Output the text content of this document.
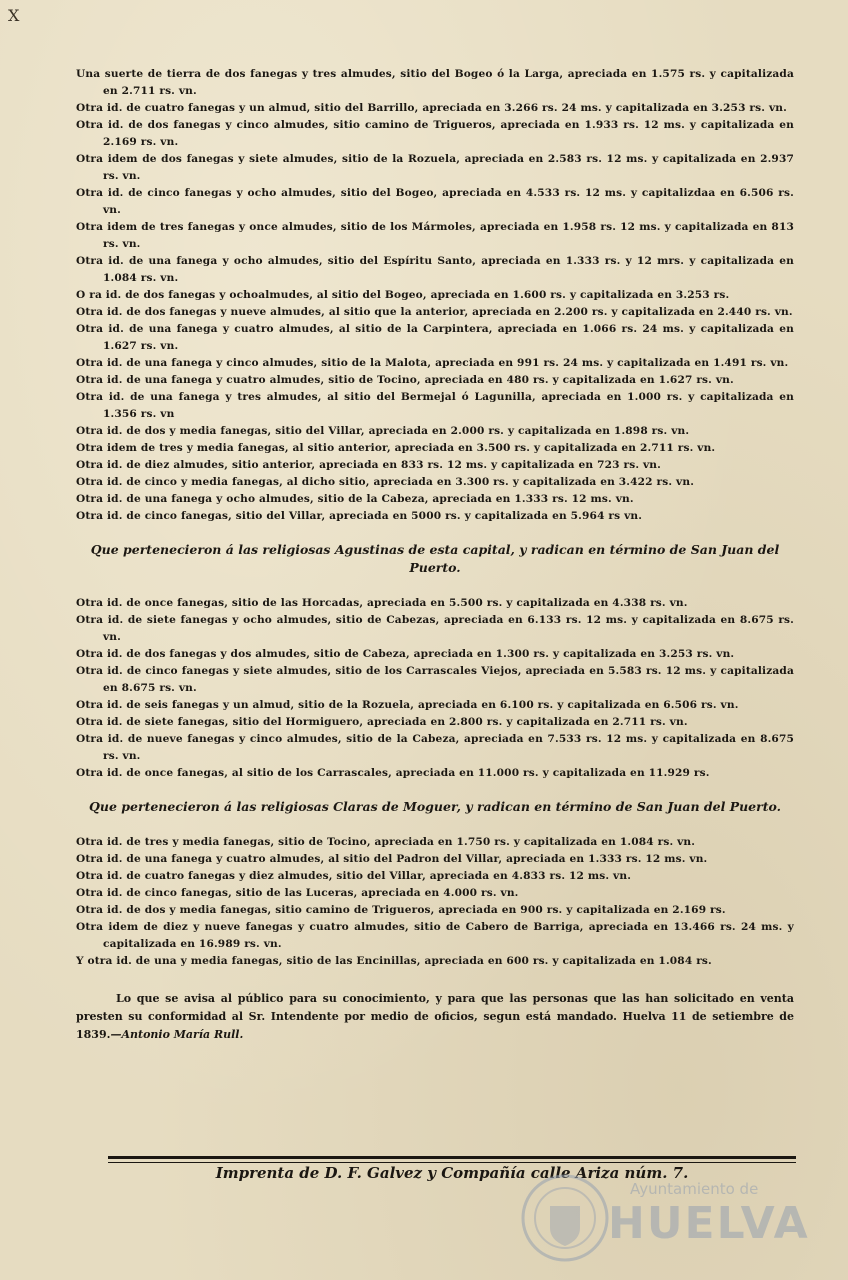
X

Una suerte de tierra de dos fanegas y tres almudes, sitio del Bogeo ó la Larga, apreciada en 1.575 rs. y capitalizada en 2.711 rs. vn.

Otra id. de cuatro fanegas y un almud, sitio del Barrillo, apreciada en 3.266 rs. 24 ms. y capitalizada en 3.253 rs. vn.

Otra id. de dos fanegas y cinco almudes, sitio camino de Trigueros, apreciada en 1.933 rs. 12 ms. y capitalizada en 2.169 rs. vn.

Otra idem de dos fanegas y siete almudes, sitio de la Rozuela, apreciada en 2.583 rs. 12 ms. y capitalizada en 2.937 rs. vn.

Otra id. de cinco fanegas y ocho almudes, sitio del Bogeo, apreciada en 4.533 rs. 12 ms. y capitalizdaa en 6.506 rs. vn.

Otra idem de tres fanegas y once almudes, sitio de los Mármoles, apreciada en 1.958 rs. 12 ms. y capitalizada en 813 rs. vn.

Otra id. de una fanega y ocho almudes, sitio del Espíritu Santo, apreciada en 1.333 rs. y 12 mrs. y capitalizada en 1.084 rs. vn.

O ra id. de dos fanegas y ochoalmudes, al sitio del Bogeo, apreciada en 1.600 rs. y capitalizada en 3.253 rs.

Otra id. de dos fanegas y nueve almudes, al sitio que la anterior, apreciada en 2.200 rs. y capitalizada en 2.440 rs. vn.

Otra id. de una fanega y cuatro almudes, al sitio de la Carpintera, apreciada en 1.066 rs. 24 ms. y capitalizada en 1.627 rs. vn.

Otra id. de una fanega y cinco almudes, sitio de la Malota, apreciada en 991 rs. 24 ms. y capitalizada en 1.491 rs. vn.

Otra id. de una fanega y cuatro almudes, sitio de Tocino, apreciada en 480 rs. y capitalizada en 1.627 rs. vn.

Otra id. de una fanega y tres almudes, al sitio del Bermejal ó Lagunilla, apreciada en 1.000 rs. y capitalizada en 1.356 rs. vn

Otra id. de dos y media fanegas, sitio del Villar, apreciada en 2.000 rs. y capitalizada en 1.898 rs. vn.

Otra idem de tres y media fanegas, al sitio anterior, apreciada en 3.500 rs. y capitalizada en 2.711 rs. vn.

Otra id. de diez almudes, sitio anterior, apreciada en 833 rs. 12 ms. y capitalizada en 723 rs. vn.

Otra id. de cinco y media fanegas, al dicho sitio, apreciada en 3.300 rs. y capitalizada en 3.422 rs. vn.

Otra id. de una fanega y ocho almudes, sitio de la Cabeza, apreciada en 1.333 rs. 12 ms. vn.

Otra id. de cinco fanegas, sitio del Villar, apreciada en 5000 rs. y capitalizada en 5.964 rs vn.

Que pertenecieron á las religiosas Agustinas de esta capital, y radican en término de San Juan del Puerto.

Otra id. de once fanegas, sitio de las Horcadas, apreciada en 5.500 rs. y capitalizada en 4.338 rs. vn.

Otra id. de siete fanegas y ocho almudes, sitio de Cabezas, apreciada en 6.133 rs. 12 ms. y capitalizada en 8.675 rs. vn.

Otra id. de dos fanegas y dos almudes, sitio de Cabeza, apreciada en 1.300 rs. y capitalizada en 3.253 rs. vn.

Otra id. de cinco fanegas y siete almudes, sitio de los Carrascales Viejos, apreciada en 5.583 rs. 12 ms. y capitalizada en 8.675 rs. vn.

Otra id. de seis fanegas y un almud, sitio de la Rozuela, apreciada en 6.100 rs. y capitalizada en 6.506 rs. vn.

Otra id. de siete fanegas, sitio del Hormiguero, apreciada en 2.800 rs. y capitalizada en 2.711 rs. vn.

Otra id. de nueve fanegas y cinco almudes, sitio de la Cabeza, apreciada en 7.533 rs. 12 ms. y capitalizada en 8.675 rs. vn.

Otra id. de once fanegas, al sitio de los Carrascales, apreciada en 11.000 rs. y capitalizada en 11.929 rs.

Que pertenecieron á las religiosas Claras de Moguer, y radican en término de San Juan del Puerto.

Otra id. de tres y media fanegas, sitio de Tocino, apreciada en 1.750 rs. y capitalizada en 1.084 rs. vn.

Otra id. de una fanega y cuatro almudes, al sitio del Padron del Villar, apreciada en 1.333 rs. 12 ms. vn.

Otra id. de cuatro fanegas y diez almudes, sitio del Villar, apreciada en 4.833 rs. 12 ms. vn.

Otra id. de cinco fanegas, sitio de las Luceras, apreciada en 4.000 rs. vn.

Otra id. de dos y media fanegas, sitio camino de Trigueros, apreciada en 900 rs. y capitalizada en 2.169 rs.

Otra idem de diez y nueve fanegas y cuatro almudes, sitio de Cabero de Barriga, apreciada en 13.466 rs. 24 ms. y capitalizada en 16.989 rs. vn.

Y otra id. de una y media fanegas, sitio de las Encinillas, apreciada en 600 rs. y capitalizada en 1.084 rs.

Lo que se avisa al público para su conocimiento, y para que las personas que las han solicitado en venta presten su conformidad al Sr. Intendente por medio de oficios, segun está mandado. Huelva 11 de setiembre de 1839.—Antonio María Rull.
Imprenta de D. F. Galvez y Compañía calle Ariza núm. 7.
Ayuntamiento de
HUELVA
